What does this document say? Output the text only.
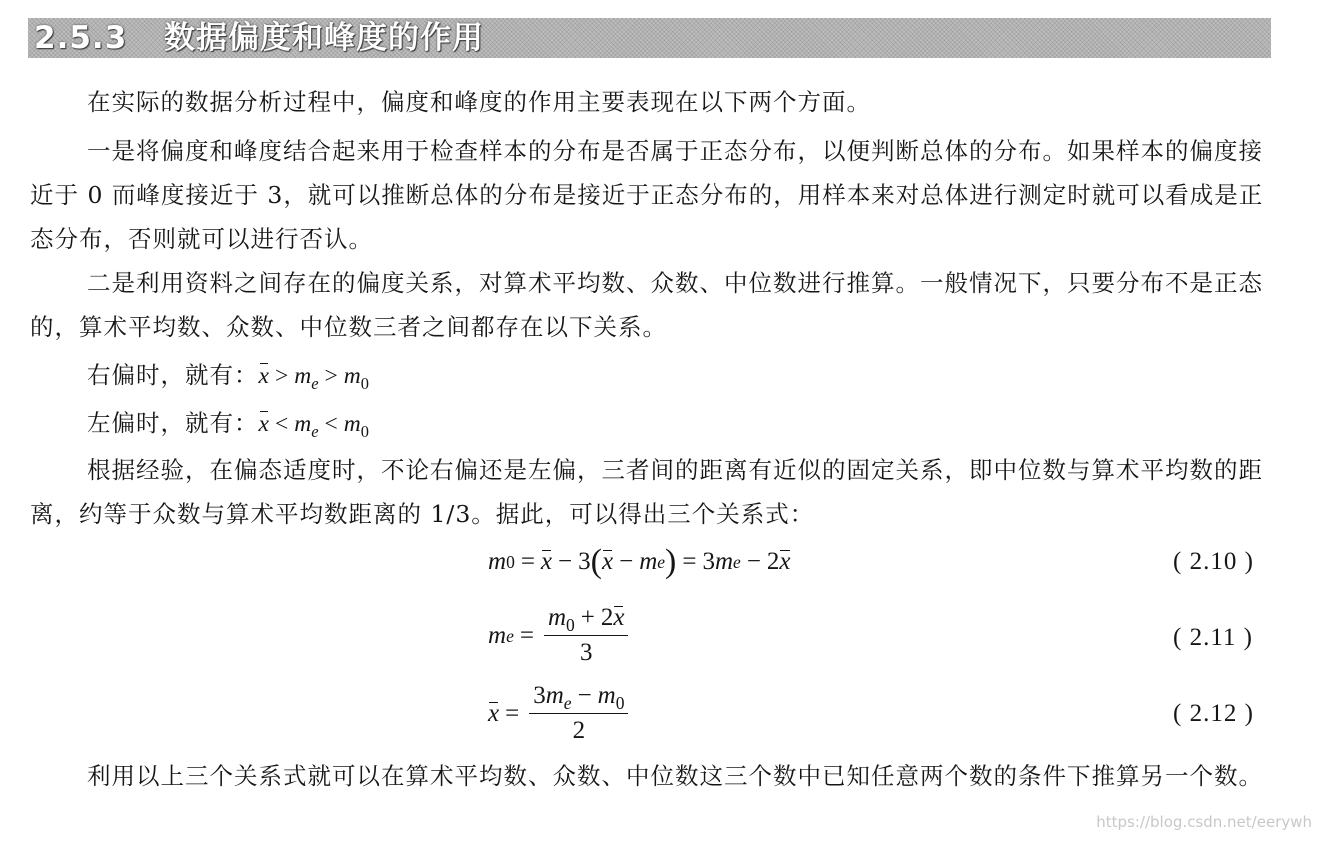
2.5.3	数据偏度和峰度的作用
在实际的数据分析过程中，偏度和峰度的作用主要表现在以下两个方面。
一是将偏度和峰度结合起来用于检查样本的分布是否属于正态分布，以便判断总体的分布。如果样本的偏度接近于 0 而峰度接近于 3，就可以推断总体的分布是接近于正态分布的，用样本来对总体进行测定时就可以看成是正态分布，否则就可以进行否认。
二是利用资料之间存在的偏度关系，对算术平均数、众数、中位数进行推算。一般情况下，只要分布不是正态的，算术平均数、众数、中位数三者之间都存在以下关系。
右偏时，就有：$x > m_e > m_0$
左偏时，就有：$x < m_e < m_0$
根据经验，在偏态适度时，不论右偏还是左偏，三者间的距离有近似的固定关系，即中位数与算术平均数的距离，约等于众数与算术平均数距离的 1/3。据此，可以得出三个关系式：
m 0 = x − 3 ( x − m e ) = 3 m e − 2 x	( 2.10 )
m $e = \frac{m_0 + 2x}{3}$	( 2.11 )
$x = \frac{3m_e - m_0}{2}$	( 2.12 )
利用以上三个关系式就可以在算术平均数、众数、中位数这三个数中已知任意两个数的条件下推算另一个数。
https://blog.csdn.net/eerywh
